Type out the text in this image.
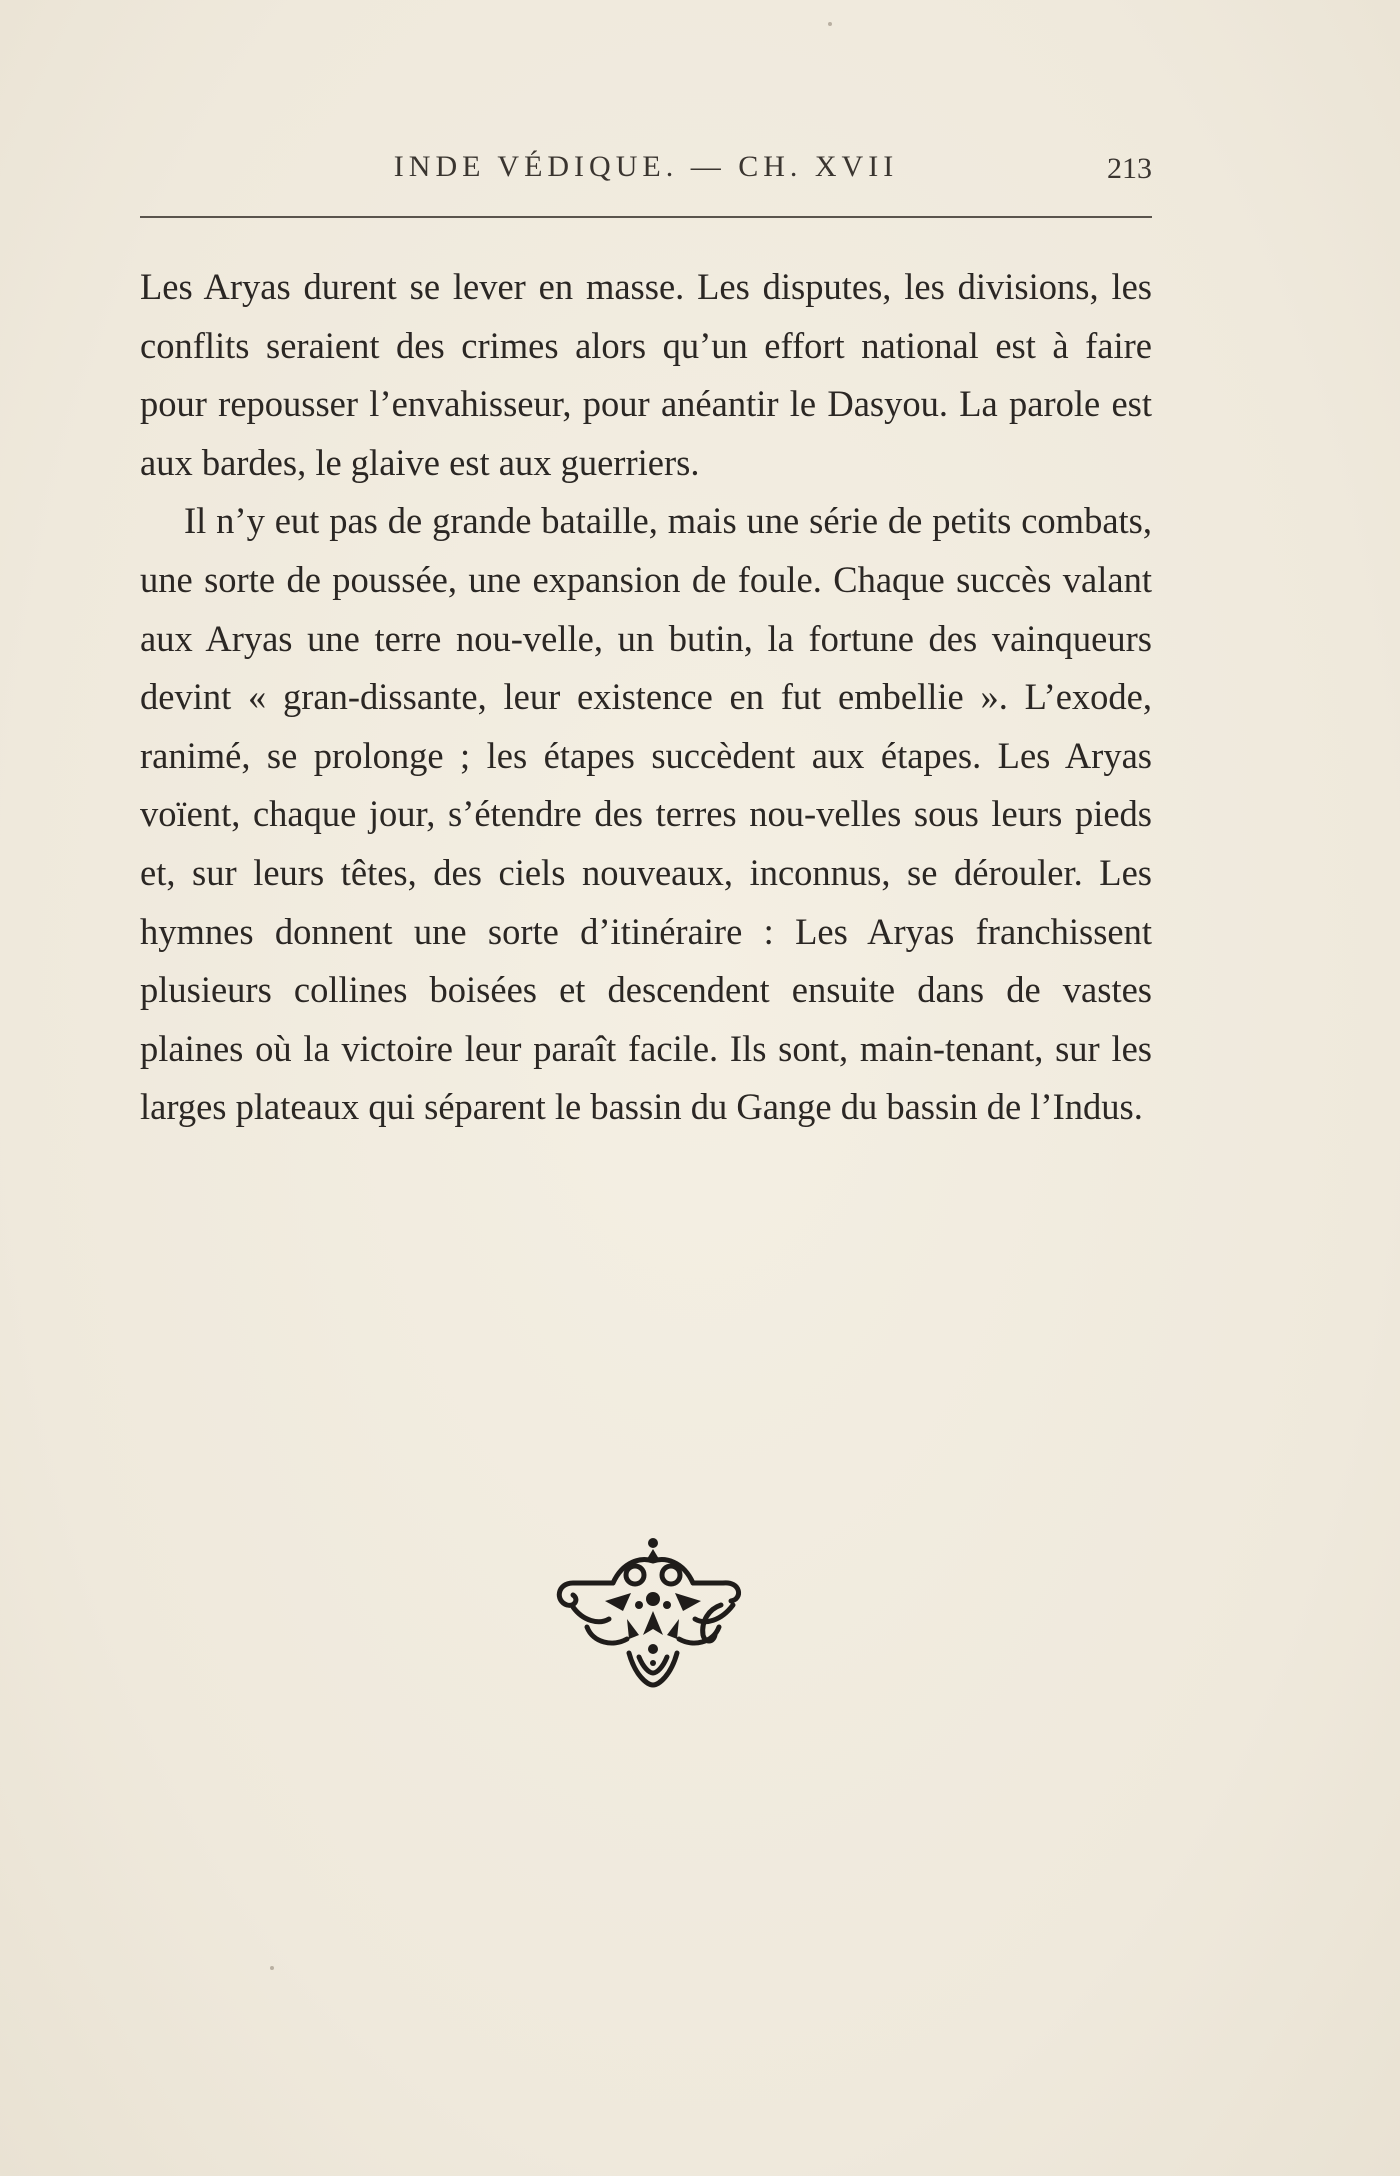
INDE VÉDIQUE. — CH. XVII	213

Les Aryas durent se lever en masse. Les disputes, les divisions, les conflits seraient des crimes alors qu’un effort national est à faire pour repousser l’envahisseur, pour anéantir le Dasyou. La parole est aux bardes, le glaive est aux guerriers.

Il n’y eut pas de grande bataille, mais une série de petits combats, une sorte de poussée, une expansion de foule. Chaque succès valant aux Aryas une terre nou-velle, un butin, la fortune des vainqueurs devint « gran-dissante, leur existence en fut embellie ». L’exode, ranimé, se prolonge ; les étapes succèdent aux étapes. Les Aryas voïent, chaque jour, s’étendre des terres nou-velles sous leurs pieds et, sur leurs têtes, des ciels nouveaux, inconnus, se dérouler. Les hymnes donnent une sorte d’itinéraire : Les Aryas franchissent plusieurs collines boisées et descendent ensuite dans de vastes plaines où la victoire leur paraît facile. Ils sont, main-tenant, sur les larges plateaux qui séparent le bassin du Gange du bassin de l’Indus.
